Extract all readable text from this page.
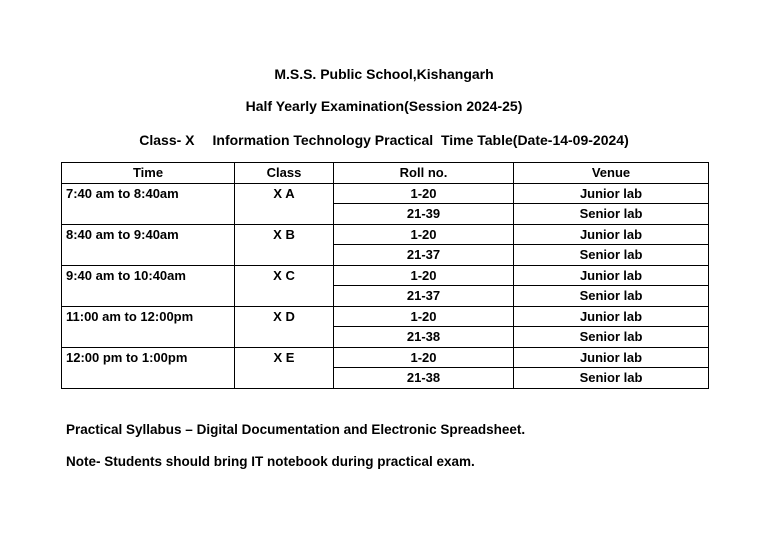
M.S.S. Public School,Kishangarh
Half Yearly Examination(Session 2024-25)
Class- X Information Technology Practical  Time Table(Date-14-09-2024)
Time	Class	Roll no.	Venue
7:40 am to 8:40am	X A	1-20	Junior lab
		21-39	Senior lab
8:40 am to 9:40am	X B	1-20	Junior lab
		21-37	Senior lab
9:40 am to 10:40am	X C	1-20	Junior lab
		21-37	Senior lab
11:00 am to 12:00pm	X D	1-20	Junior lab
		21-38	Senior lab
12:00 pm to 1:00pm	X E	1-20	Junior lab
		21-38	Senior lab
Practical Syllabus – Digital Documentation and Electronic Spreadsheet.
Note- Students should bring IT notebook during practical exam.
